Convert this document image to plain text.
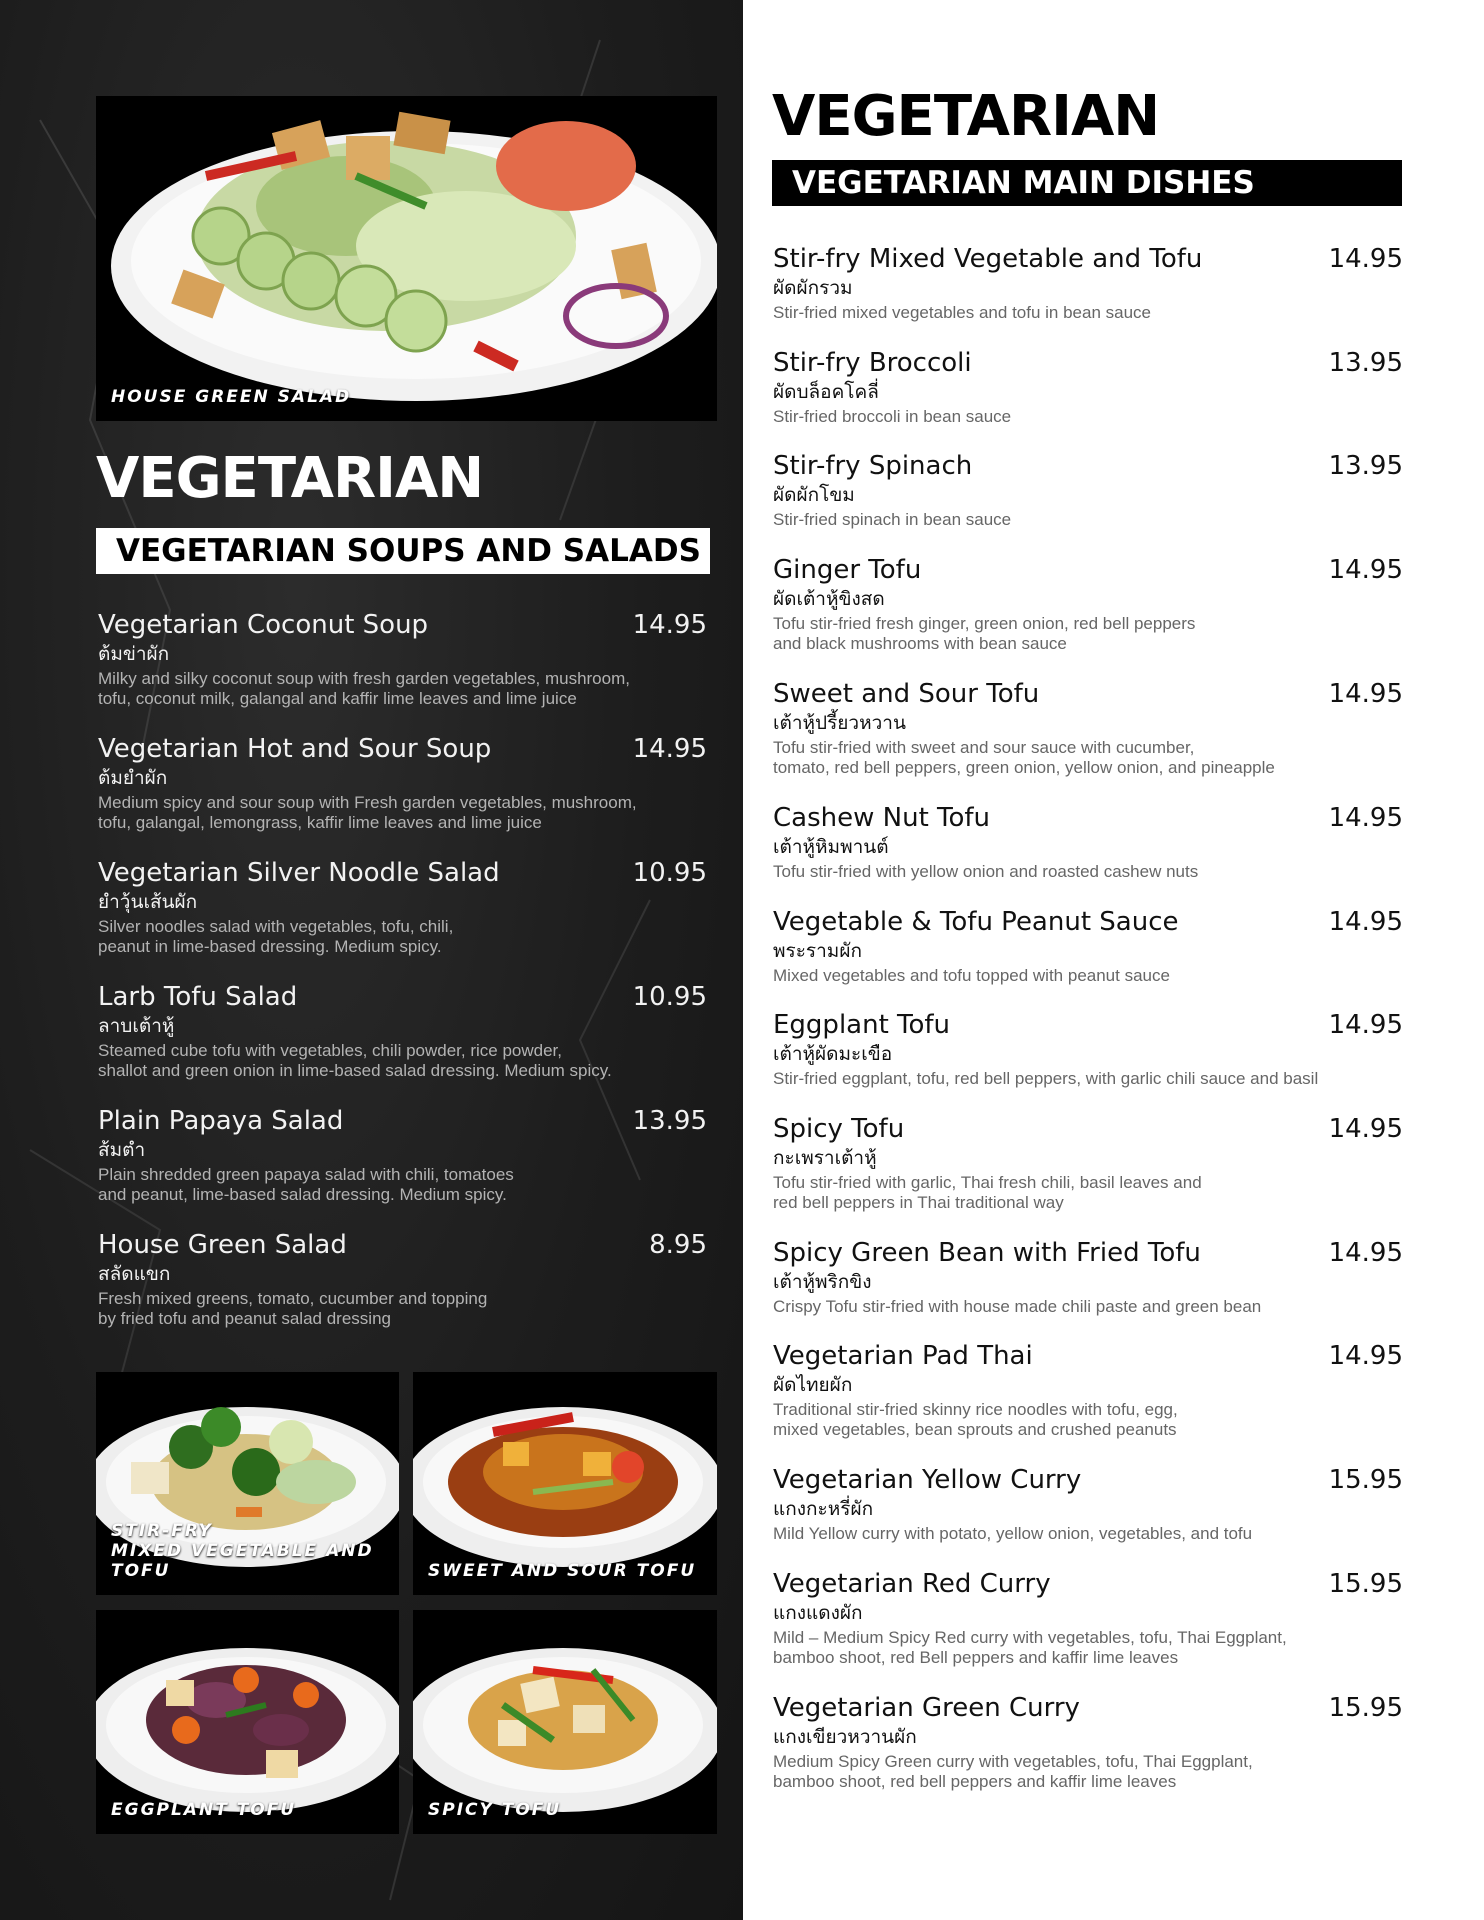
HOUSE GREEN SALAD
VEGETARIAN
VEGETARIAN SOUPS AND SALADS
Vegetarian Coconut Soup	14.95
ต้มข่าผัก
Milky and silky coconut soup with fresh garden vegetables, mushroom,
tofu, coconut milk, galangal and kaffir lime leaves and lime juice
Vegetarian Hot and Sour Soup	14.95
ต้มยำผัก
Medium spicy and sour soup with Fresh garden vegetables, mushroom,
tofu, galangal, lemongrass, kaffir lime leaves and lime juice
Vegetarian Silver Noodle Salad	10.95
ยำวุ้นเส้นผัก
Silver noodles salad with vegetables, tofu, chili,
peanut in lime-based dressing. Medium spicy.
Larb Tofu Salad	10.95
ลาบเต้าหู้
Steamed cube tofu with vegetables, chili powder, rice powder,
shallot and green onion in lime-based salad dressing. Medium spicy.
Plain Papaya Salad	13.95
ส้มตำ
Plain shredded green papaya salad with chili, tomatoes
and peanut, lime-based salad dressing. Medium spicy.
House Green Salad	8.95
สลัดแขก
Fresh mixed greens, tomato, cucumber and topping
by fried tofu and peanut salad dressing
STIR-FRY
MIXED VEGETABLE AND TOFU	SWEET AND SOUR TOFU
EGGPLANT TOFU	SPICY TOFU
VEGETARIAN
VEGETARIAN MAIN DISHES
Stir-fry Mixed Vegetable and Tofu	14.95
ผัดผักรวม
Stir-fried mixed vegetables and tofu in bean sauce
Stir-fry Broccoli	13.95
ผัดบล็อคโคลี่
Stir-fried broccoli in bean sauce
Stir-fry Spinach	13.95
ผัดผักโขม
Stir-fried spinach in bean sauce
Ginger Tofu	14.95
ผัดเต้าหู้ขิงสด
Tofu stir-fried fresh ginger, green onion, red bell peppers
and black mushrooms with bean sauce
Sweet and Sour Tofu	14.95
เต้าหู้ปรี้ยวหวาน
Tofu stir-fried with sweet and sour sauce with cucumber,
tomato, red bell peppers, green onion, yellow onion, and pineapple
Cashew Nut Tofu	14.95
เต้าหู้หิมพานต์
Tofu stir-fried with yellow onion and roasted cashew nuts
Vegetable & Tofu Peanut Sauce	14.95
พระรามผัก
Mixed vegetables and tofu topped with peanut sauce
Eggplant Tofu	14.95
เต้าหู้ผัดมะเขือ
Stir-fried eggplant, tofu, red bell peppers, with garlic chili sauce and basil
Spicy Tofu	14.95
กะเพราเต้าหู้
Tofu stir-fried with garlic, Thai fresh chili, basil leaves and
red bell peppers in Thai traditional way
Spicy Green Bean with Fried Tofu	14.95
เต้าหู้พริกขิง
Crispy Tofu stir-fried with house made chili paste and green bean
Vegetarian Pad Thai	14.95
ผัดไทยผัก
Traditional stir-fried skinny rice noodles with tofu, egg,
mixed vegetables, bean sprouts and crushed peanuts
Vegetarian Yellow Curry	15.95
แกงกะหรี่ผัก
Mild Yellow curry with potato, yellow onion, vegetables, and tofu
Vegetarian Red Curry	15.95
แกงแดงผัก
Mild – Medium Spicy Red curry with vegetables, tofu, Thai Eggplant,
bamboo shoot, red Bell peppers and kaffir lime leaves
Vegetarian Green Curry	15.95
แกงเขียวหวานผัก
Medium Spicy Green curry with vegetables, tofu, Thai Eggplant,
bamboo shoot, red bell peppers and kaffir lime leaves
